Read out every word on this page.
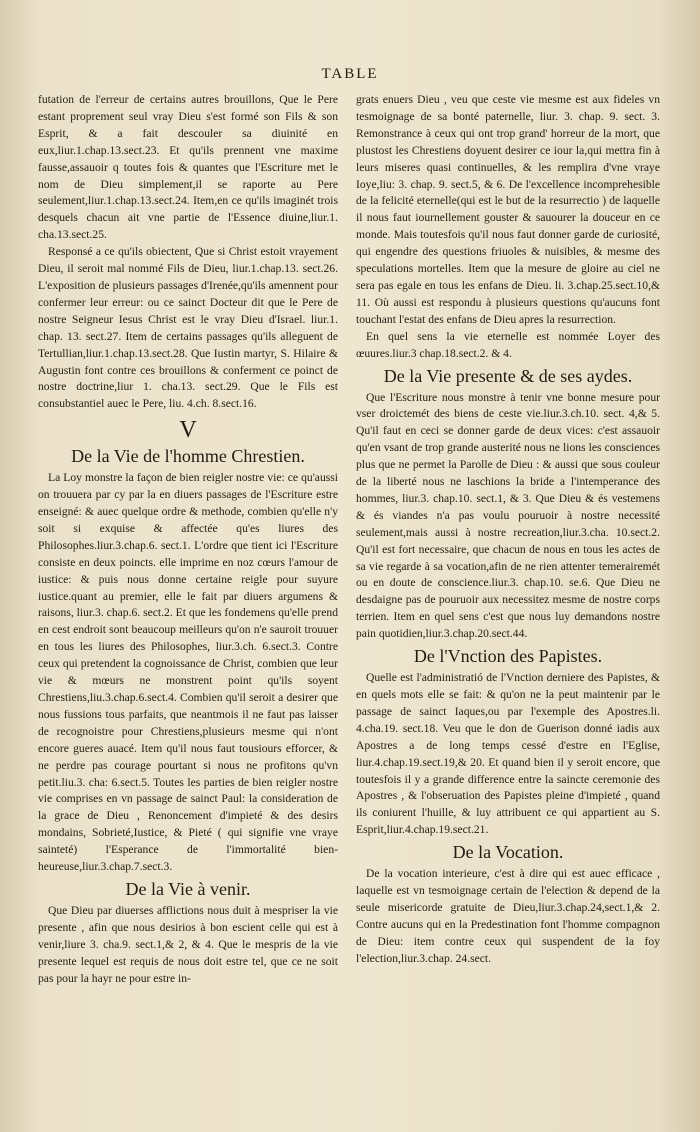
TABLE

futation de l'erreur de certains autres brouillons, Que le Pere estant proprement seul vray Dieu s'est formé son Fils & son Esprit, & a fait descouler sa diuinité en eux,liur.1.chap.13.sect.23. Et qu'ils prennent vne maxime fausse,assauoir q toutes fois & quantes que l'Escriture met le nom de Dieu simplement,il se raporte au Pere seulement,liur.1.chap.13.sect.24. Item,en ce qu'ils imaginét trois desquels chacun ait vne partie de l'Essence diuine,liur.1. cha.13.sect.25.

Responsé a ce qu'ils obiectent, Que si Christ estoit vrayement Dieu, il seroit mal nommé Fils de Dieu, liur.1.chap.13. sect.26. L'exposition de plusieurs passages d'Irenée,qu'ils amennent pour confermer leur erreur: ou ce sainct Docteur dit que le Pere de nostre Seigneur Iesus Christ est le vray Dieu d'Israel. liur.1. chap. 13. sect.27. Item de certains passages qu'ils alleguent de Tertullian,liur.1.chap.13.sect.28. Que Iustin martyr, S. Hilaire & Augustin font contre ces brouillons & conferment ce poinct de nostre doctrine,liur 1. cha.13. sect.29. Que le Fils est consubstantiel auec le Pere, liu. 4.ch. 8.sect.16.

V
De la Vie de l'homme Chrestien.

La Loy monstre la façon de bien reigler nostre vie: ce qu'aussi on trouuera par cy par la en diuers passages de l'Escriture estre enseigné: & auec quelque ordre & methode, combien qu'elle n'y soit si exquise & affectée qu'es liures des Philosophes.liur.3.chap.6. sect.1. L'ordre que tient ici l'Escriture consiste en deux poincts. elle imprime en noz cœurs l'amour de iustice: & puis nous donne certaine reigle pour suyure iustice.quant au premier, elle le fait par diuers argumens & raisons, liur.3. chap.6. sect.2. Et que les fondemens qu'elle prend en cest endroit sont beaucoup meilleurs qu'on n'e sauroit trouuer en tous les liures des Philosophes, liur.3.ch. 6.sect.3. Contre ceux qui pretendent la cognoissance de Christ, combien que leur vie & mœurs ne monstrent point qu'ils soyent Chrestiens,liu.3.chap.6.sect.4. Combien qu'il seroit a desirer que nous fussions tous parfaits, que neantmois il ne faut pas laisser de recognoistre pour Chrestiens,plusieurs mesme qui n'ont encore gueres auacé. Item qu'il nous faut tousiours efforcer, & ne perdre pas courage pourtant si nous ne profitons qu'vn petit.liu.3. cha: 6.sect.5. Toutes les parties de bien reigler nostre vie comprises en vn passage de sainct Paul: la consideration de la grace de Dieu , Renoncement d'impieté & des desirs mondains, Sobrieté,Iustice, & Pieté ( qui signifie vne vraye sainteté) l'Esperance de l'immortalité bien-heureuse,liur.3.chap.7.sect.3.

De la Vie à venir.

Que Dieu par diuerses afflictions nous duit à mespriser la vie presente , afin que nous desirios à bon escient celle qui est à venir,liure 3. cha.9. sect.1,& 2, & 4. Que le mespris de la vie presente lequel est requis de nous doit estre tel, que ce ne soit pas pour la hayr ne pour estre in-

grats enuers Dieu , veu que ceste vie mesme est aux fideles vn tesmoignage de sa bonté paternelle, liur. 3. chap. 9. sect. 3. Remonstrance à ceux qui ont trop grand' horreur de la mort, que plustost les Chrestiens doyuent desirer ce iour la,qui mettra fin à leurs miseres quasi continuelles, & les remplira d'vne vraye Ioye,liu: 3. chap. 9. sect.5, & 6. De l'excellence incomprehesible de la felicité eternelle(qui est le but de la resurrectio ) de laquelle il nous faut iournellement gouster & sauourer la douceur en ce monde. Mais toutesfois qu'il nous faut donner garde de curiosité, qui engendre des questions friuoles & nuisibles, & mesme des speculations mortelles. Item que la mesure de gloire au ciel ne sera pas egale en tous les enfans de Dieu. li. 3.chap.25.sect.10,& 11. Où aussi est respondu à plusieurs questions qu'aucuns font touchant l'estat des enfans de Dieu apres la resurrection.

En quel sens la vie eternelle est nommée Loyer des œuures.liur.3 chap.18.sect.2. & 4.

De la Vie presente & de ses aydes.

Que l'Escriture nous monstre à tenir vne bonne mesure pour vser droictemét des biens de ceste vie.liur.3.ch.10. sect. 4,& 5. Qu'il faut en ceci se donner garde de deux vices: c'est assauoir qu'en vsant de trop grande austerité nous ne lions les consciences plus que ne permet la Parolle de Dieu : & aussi que sous couleur de la liberté nous ne laschions la bride a l'intemperance des hommes, liur.3. chap.10. sect.1, & 3. Que Dieu & és vestemens & és viandes n'a pas voulu pouruoir à nostre necessité seulement,mais aussi à nostre recreation,liur.3.cha. 10.sect.2. Qu'il est fort necessaire, que chacun de nous en tous les actes de sa vie regarde à sa vocation,afin de ne rien attenter temerairemét ou en doute de conscience.liur.3. chap.10. se.6. Que Dieu ne desdaigne pas de pouruoir aux necessitez mesme de nostre corps terrien. Item en quel sens c'est que nous luy demandons nostre pain quotidien,liur.3.chap.20.sect.44.

De l'Vnction des Papistes.

Quelle est l'administratió de l'Vnction derniere des Papistes, & en quels mots elle se fait: & qu'on ne la peut maintenir par le passage de sainct Iaques,ou par l'exemple des Apostres.li. 4.cha.19. sect.18. Veu que le don de Guerison donné iadis aux Apostres a de long temps cessé d'estre en l'Eglise, liur.4.chap.19.sect.19,& 20. Et quand bien il y seroit encore, que toutesfois il y a grande difference entre la saincte ceremonie des Apostres , & l'obseruation des Papistes pleine d'impieté , quand ils coniurent l'huille, & luy attribuent ce qui appartient au S. Esprit,liur.4.chap.19.sect.21.

De la Vocation.

De la vocation interieure, c'est à dire qui est auec efficace , laquelle est vn tesmoignage certain de l'election & depend de la seule misericorde gratuite de Dieu,liur.3.chap.24,sect.1,& 2. Contre aucuns qui en la Predestination font l'homme compagnon de Dieu: item contre ceux qui suspendent de la foy l'election,liur.3.chap. 24.sect.
